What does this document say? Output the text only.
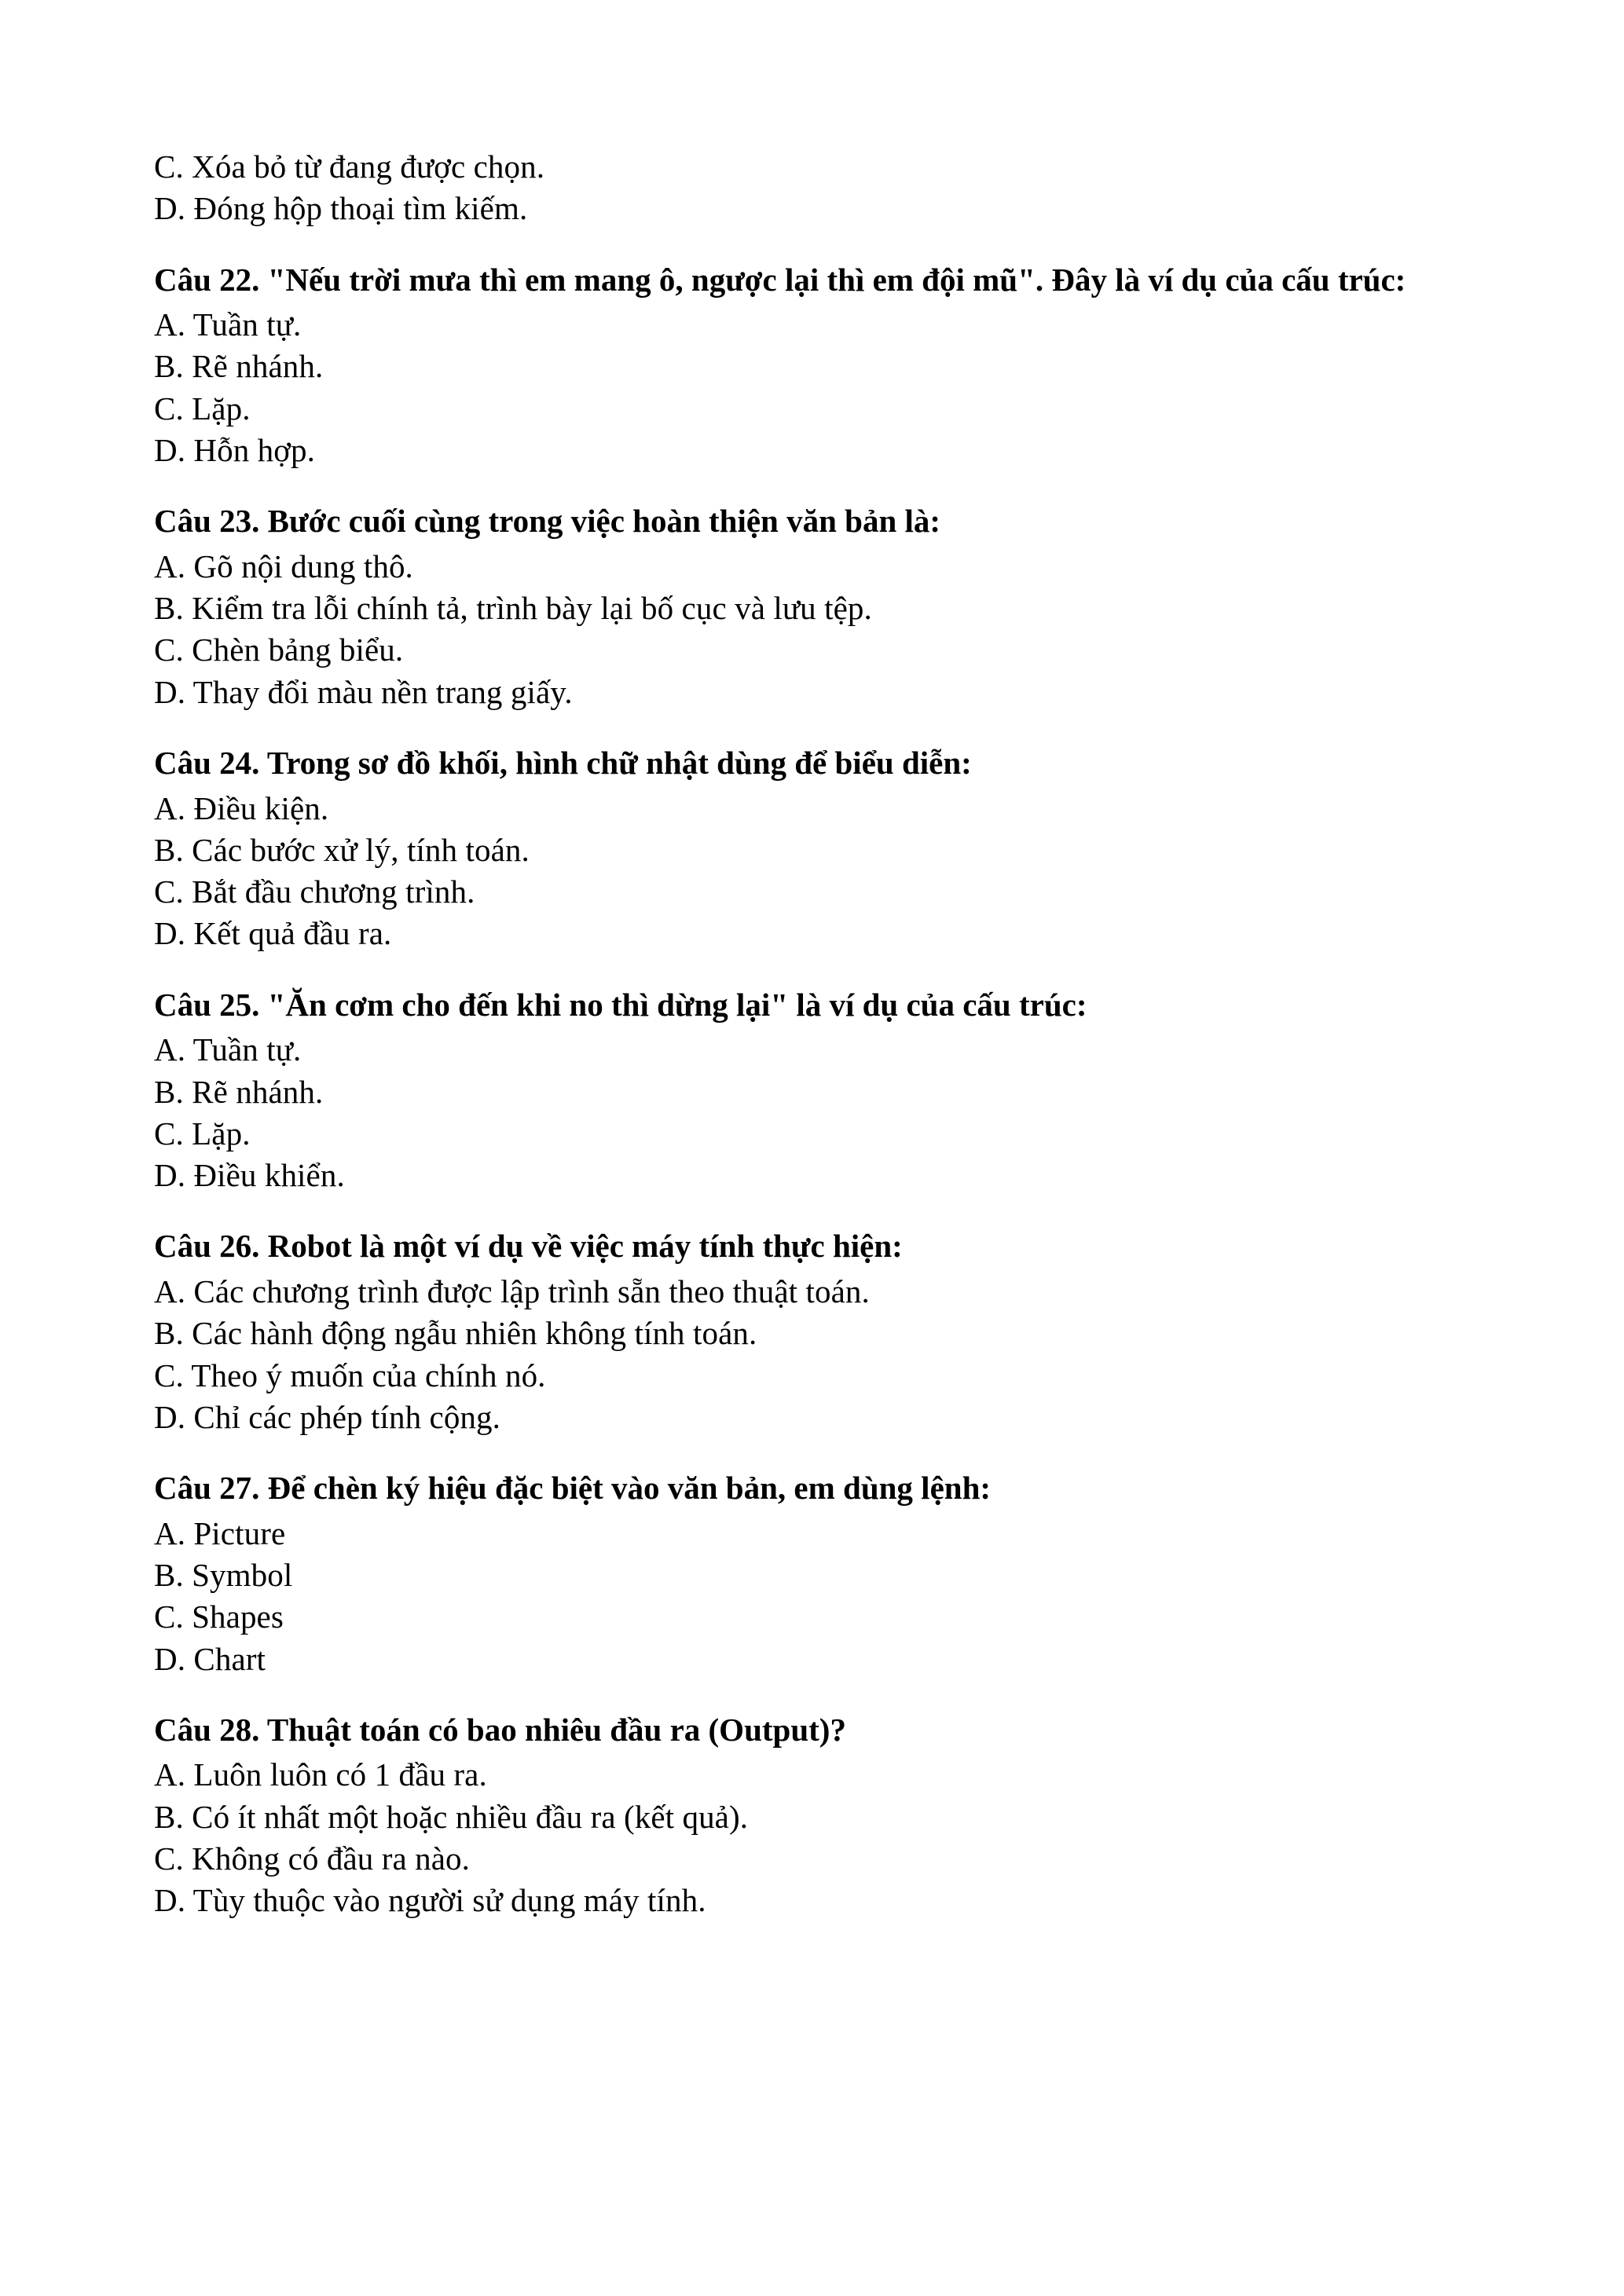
C. Xóa bỏ từ đang được chọn.

D. Đóng hộp thoại tìm kiếm.

Câu 22. "Nếu trời mưa thì em mang ô, ngược lại thì em đội mũ". Đây là ví dụ của cấu trúc:

A. Tuần tự.

B. Rẽ nhánh.

C. Lặp.

D. Hỗn hợp.

Câu 23. Bước cuối cùng trong việc hoàn thiện văn bản là:

A. Gõ nội dung thô.

B. Kiểm tra lỗi chính tả, trình bày lại bố cục và lưu tệp.

C. Chèn bảng biểu.

D. Thay đổi màu nền trang giấy.

Câu 24. Trong sơ đồ khối, hình chữ nhật dùng để biểu diễn:

A. Điều kiện.

B. Các bước xử lý, tính toán.

C. Bắt đầu chương trình.

D. Kết quả đầu ra.

Câu 25. "Ăn cơm cho đến khi no thì dừng lại" là ví dụ của cấu trúc:

A. Tuần tự.

B. Rẽ nhánh.

C. Lặp.

D. Điều khiển.

Câu 26. Robot là một ví dụ về việc máy tính thực hiện:

A. Các chương trình được lập trình sẵn theo thuật toán.

B. Các hành động ngẫu nhiên không tính toán.

C. Theo ý muốn của chính nó.

D. Chỉ các phép tính cộng.

Câu 27. Để chèn ký hiệu đặc biệt vào văn bản, em dùng lệnh:

A. Picture

B. Symbol

C. Shapes

D. Chart

Câu 28. Thuật toán có bao nhiêu đầu ra (Output)?

A. Luôn luôn có 1 đầu ra.

B. Có ít nhất một hoặc nhiều đầu ra (kết quả).

C. Không có đầu ra nào.

D. Tùy thuộc vào người sử dụng máy tính.
